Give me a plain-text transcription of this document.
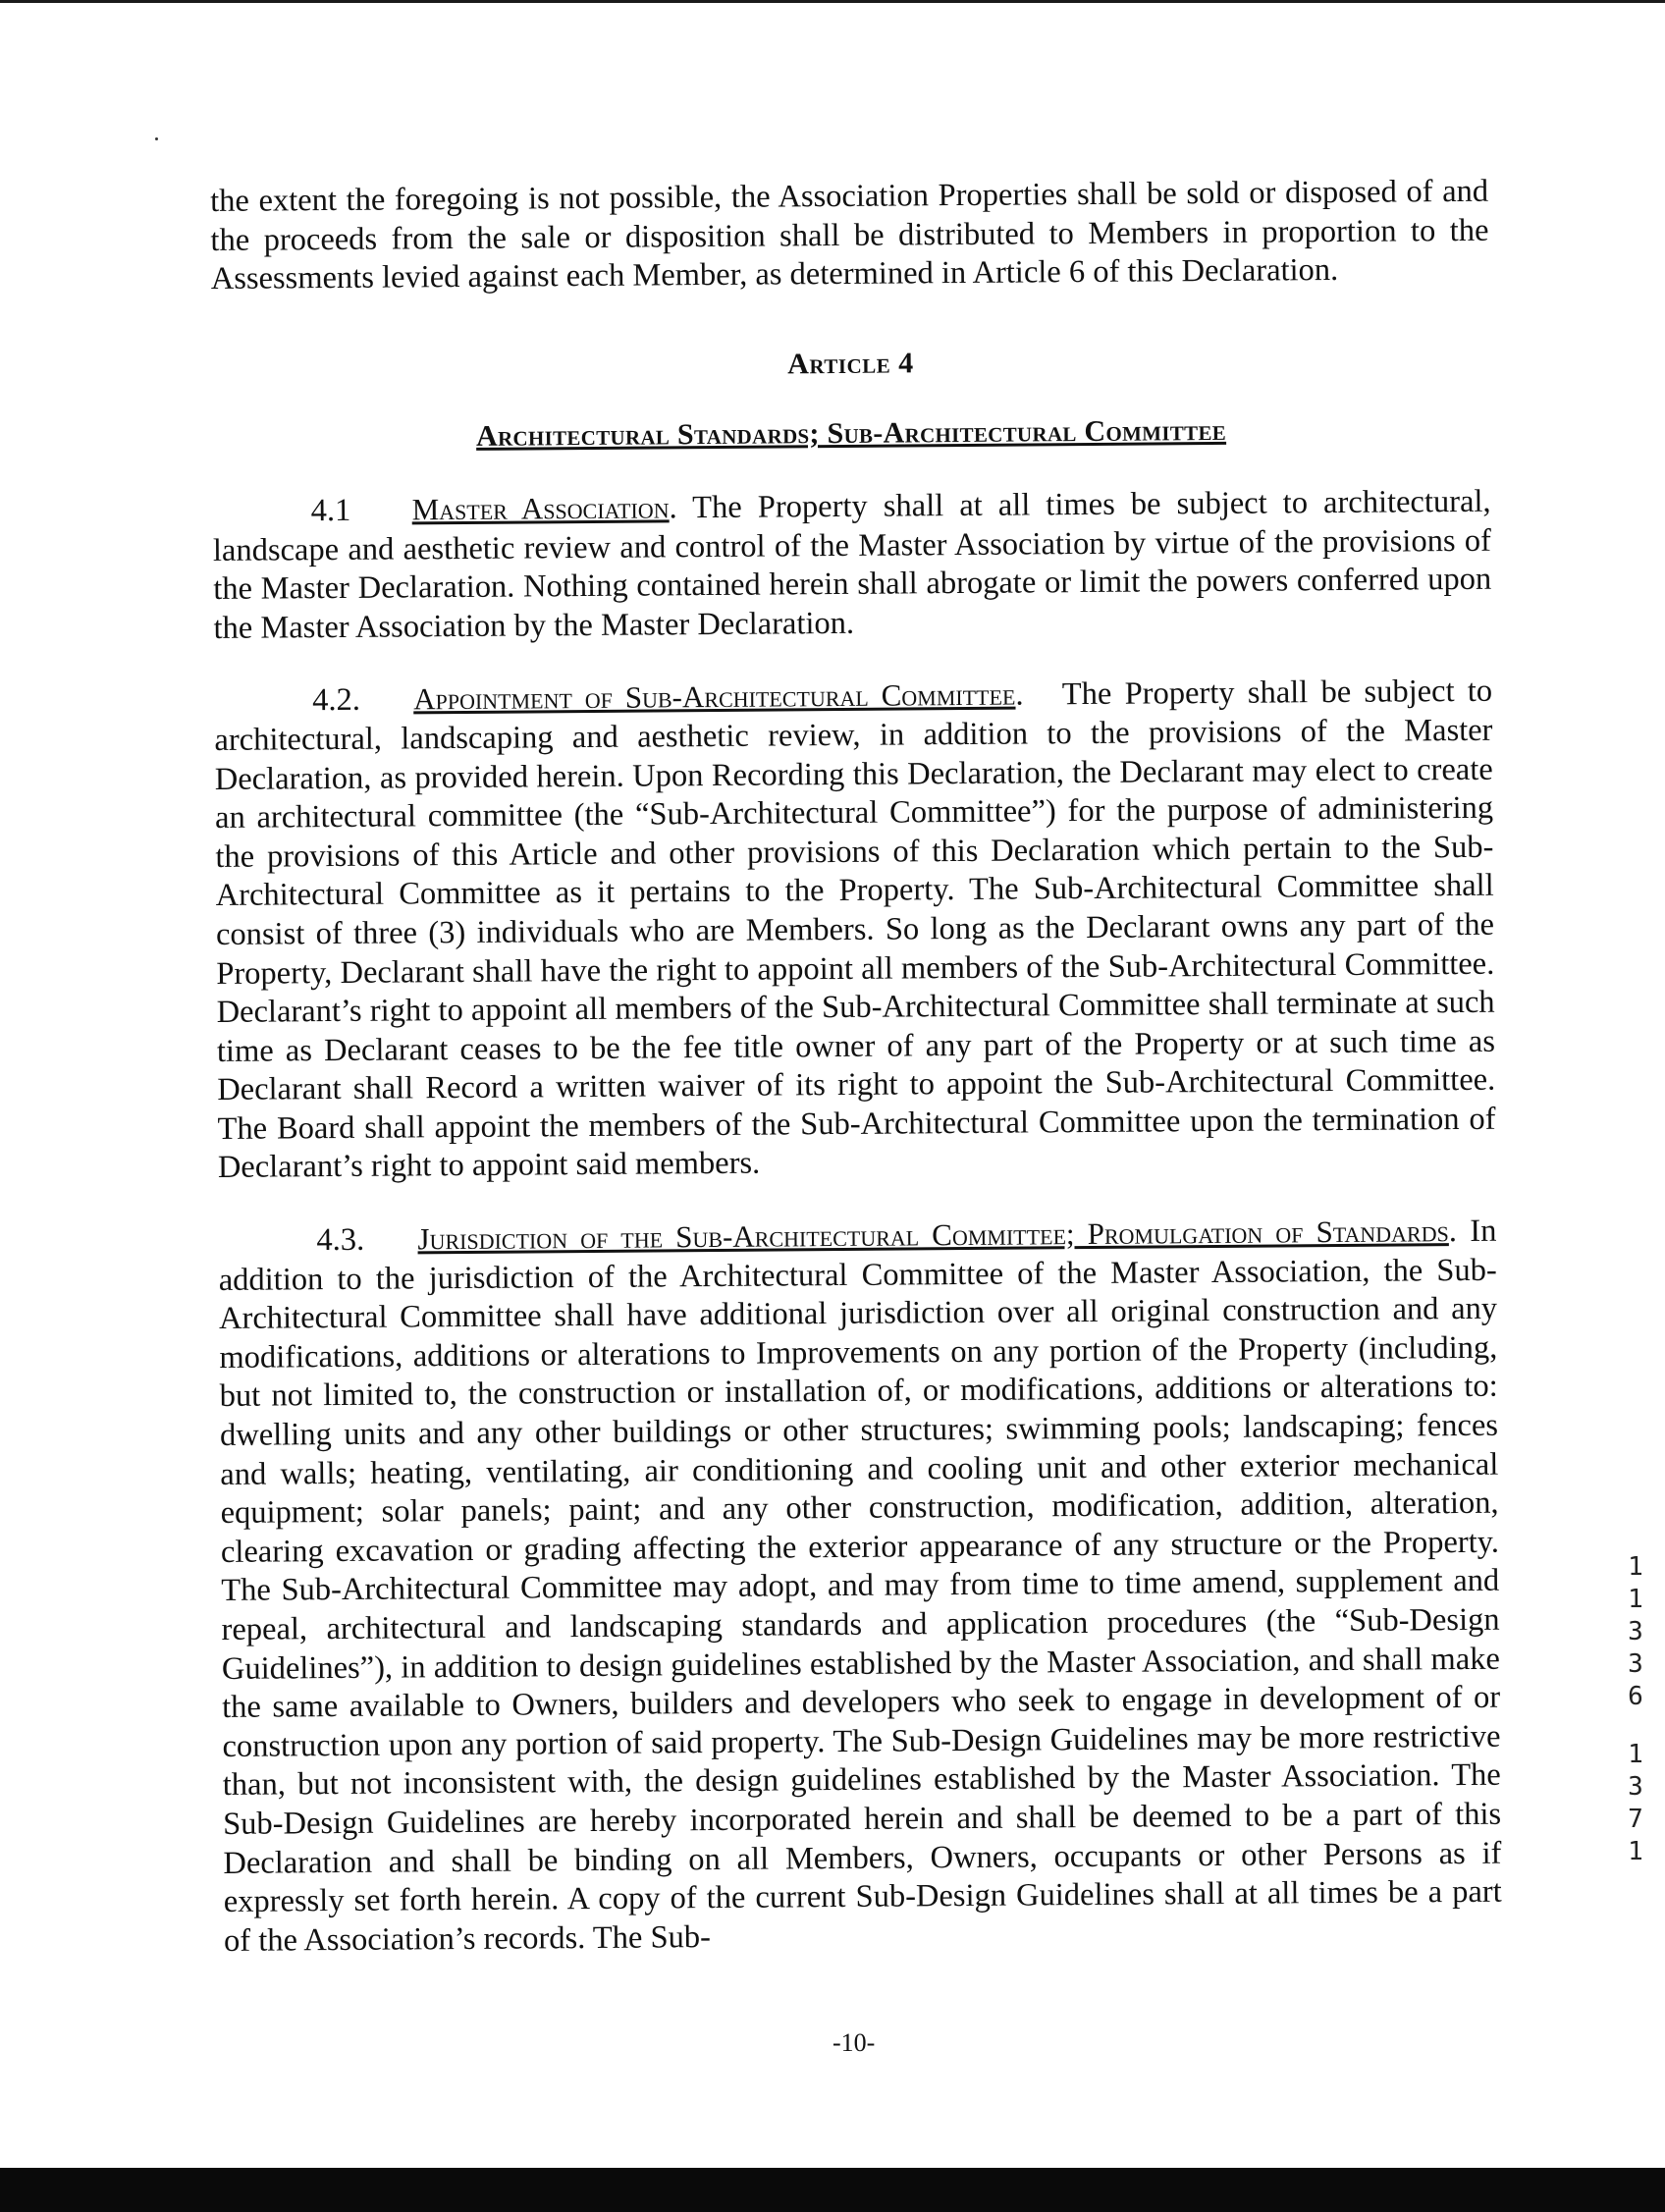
the extent the foregoing is not possible, the Association Properties shall be sold or disposed of and the proceeds from the sale or disposition shall be distributed to Members in proportion to the Assessments levied against each Member, as determined in Article 6 of this Declaration.

Article 4
Architectural Standards; Sub-Architectural Committee

4.1 Master Association. The Property shall at all times be subject to architectural, landscape and aesthetic review and control of the Master Association by virtue of the provisions of the Master Declaration. Nothing contained herein shall abrogate or limit the powers conferred upon the Master Association by the Master Declaration.

4.2. Appointment of Sub-Architectural Committee.   The Property shall be subject to architectural, landscaping and aesthetic review, in addition to the provisions of the Master Declaration, as provided herein. Upon Recording this Declaration, the Declarant may elect to create an architectural committee (the “Sub-Architectural Committee”) for the purpose of administering the provisions of this Article and other provisions of this Declaration which pertain to the Sub-Architectural Committee as it pertains to the Property. The Sub-Architectural Committee shall consist of three (3) individuals who are Members. So long as the Declarant owns any part of the Property, Declarant shall have the right to appoint all members of the Sub-Architectural Committee. Declarant’s right to appoint all members of the Sub-Architectural Committee shall terminate at such time as Declarant ceases to be the fee title owner of any part of the Property or at such time as Declarant shall Record a written waiver of its right to appoint the Sub-Architectural Committee. The Board shall appoint the members of the Sub-Architectural Committee upon the termination of Declarant’s right to appoint said members.

4.3. Jurisdiction of the Sub-Architectural Committee; Promulgation of Standards. In addition to the jurisdiction of the Architectural Committee of the Master Association, the Sub-Architectural Committee shall have additional jurisdiction over all original construction and any modifications, additions or alterations to Improvements on any portion of the Property (including, but not limited to, the construction or installation of, or modifications, additions or alterations to: dwelling units and any other buildings or other structures; swimming pools; landscaping; fences and walls; heating, ventilating, air conditioning and cooling unit and other exterior mechanical equipment; solar panels; paint; and any other construction, modification, addition, alteration, clearing excavation or grading affecting the exterior appearance of any structure or the Property. The Sub-Architectural Committee may adopt, and may from time to time amend, supplement and repeal, architectural and landscaping standards and application procedures (the “Sub-Design Guidelines”), in addition to design guidelines established by the Master Association, and shall make the same available to Owners, builders and developers who seek to engage in development of or construction upon any portion of said property. The Sub-Design Guidelines may be more restrictive than, but not inconsistent with, the design guidelines established by the Master Association. The Sub-Design Guidelines are hereby incorporated herein and shall be deemed to be a part of this Declaration and shall be binding on all Members, Owners, occupants or other Persons as if expressly set forth herein. A copy of the current Sub-Design Guidelines shall at all times be a part of the Association’s records. The Sub-

-10-
1
1
3
3
6
1
3
7
1
